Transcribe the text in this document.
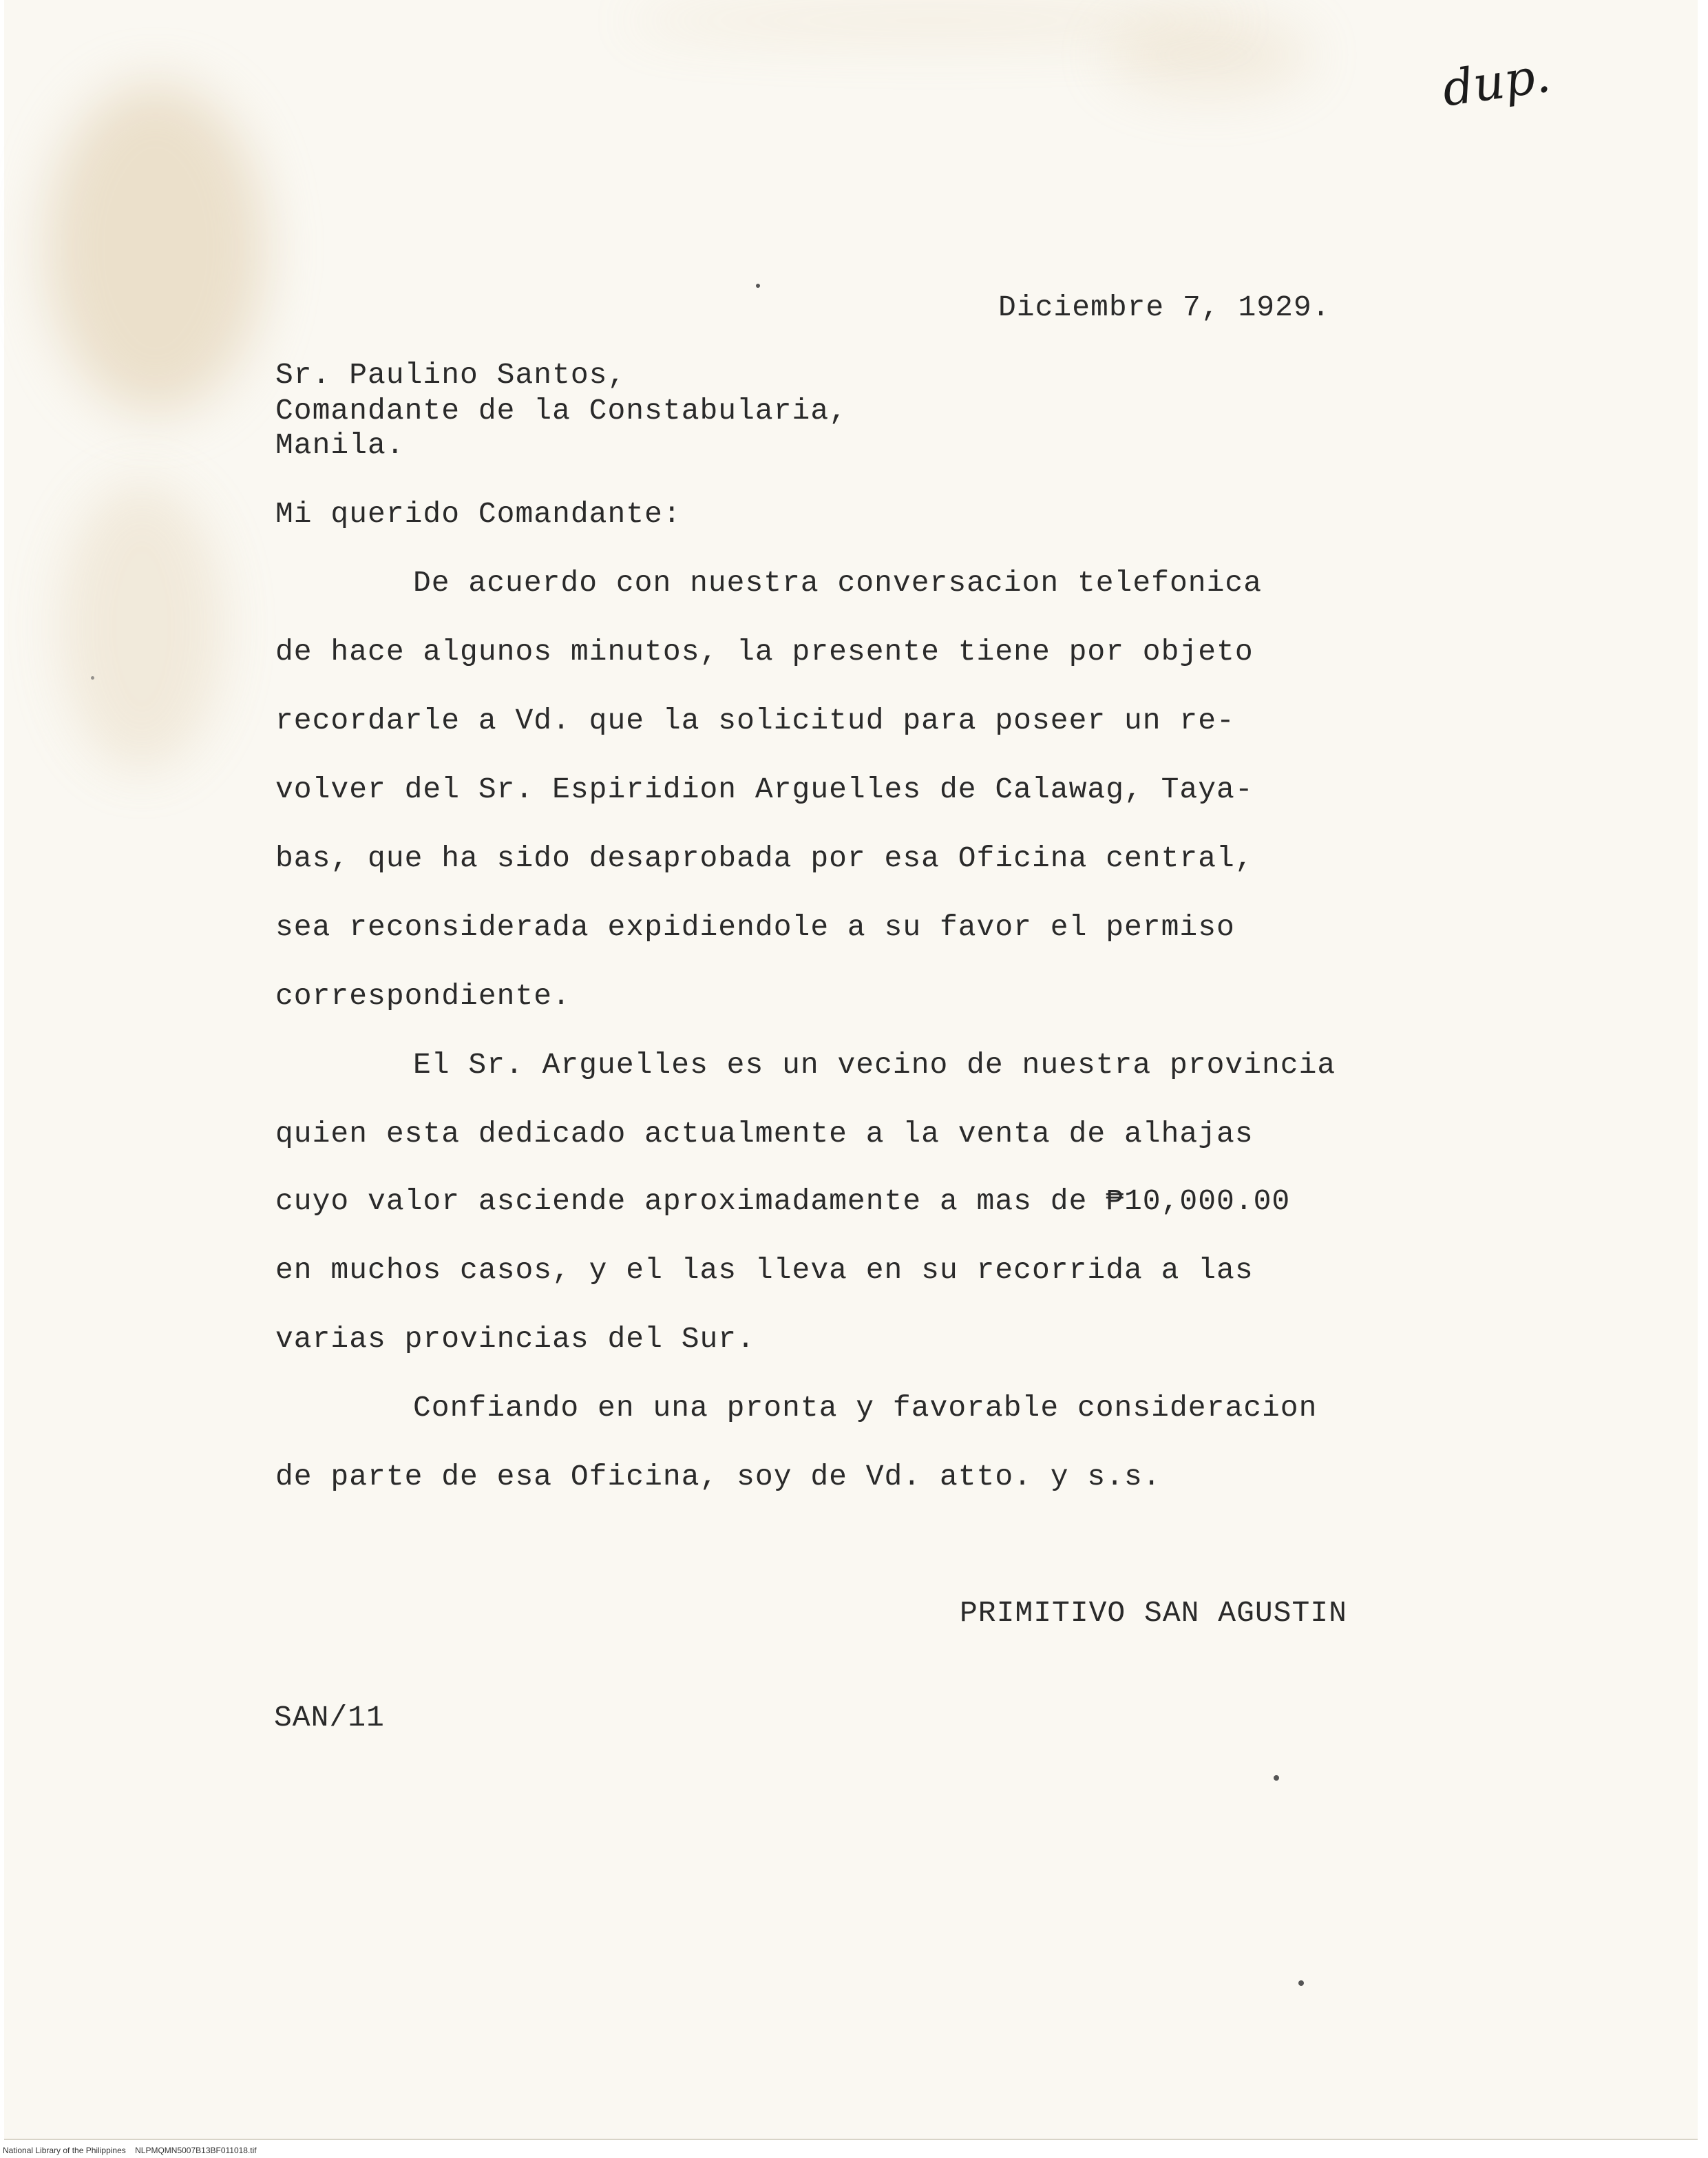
dup.
Diciembre 7, 1929.
Sr. Paulino Santos,
Comandante de la Constabularia,
Manila.
Mi querido Comandante:
De acuerdo con nuestra conversacion telefonica
de hace algunos minutos, la presente tiene por objeto
recordarle a Vd. que la solicitud para poseer un re-
volver del Sr. Espiridion Arguelles de Calawag, Taya-
bas, que ha sido desaprobada por esa Oficina central,
sea reconsiderada expidiendole a su favor el permiso
correspondiente.
El Sr. Arguelles es un vecino de nuestra provincia
quien esta dedicado actualmente a la venta de alhajas
cuyo valor asciende aproximadamente a mas de ₱10,000.00
en muchos casos, y el las lleva en su recorrida a las
varias provincias del Sur.
Confiando en una pronta y favorable consideracion
de parte de esa Oficina, soy de Vd. atto. y s.s.
PRIMITIVO SAN AGUSTIN
SAN/11
National Library of the Philippines    NLPMQMN5007B13BF011018.tif
